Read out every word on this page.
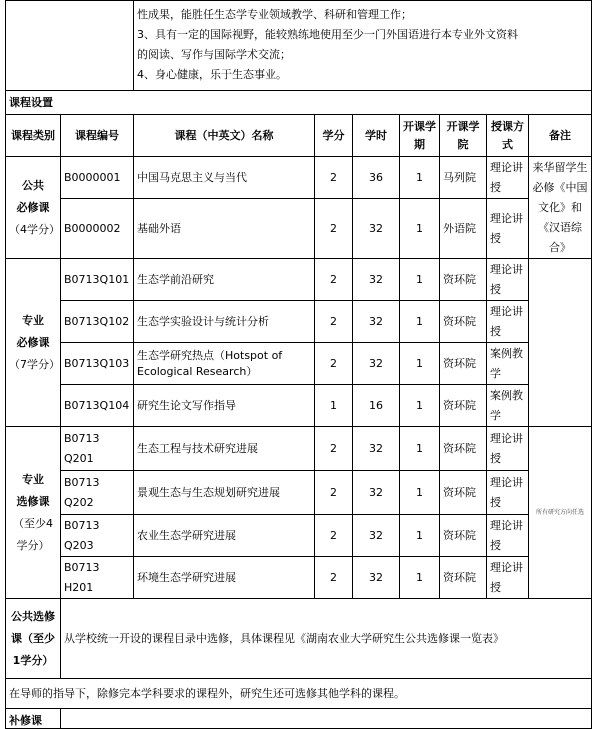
		性成果，能胜任生态学专业领域教学、科研和管理工作；
3、具有一定的国际视野，能较熟练地使用至少一门外国语进行本专业外文资料
的阅读、写作与国际学术交流；
4、身心健康，乐于生态事业。						

课程设置								
课程类别	课程编号	课程（中英文）名称	学分	学时	开课学期	开课学院	授课方式	备注

公共
必修课
（4学分）	B0000001	中国马克思主义与当代	2	36	1	马列院	理论讲授	来华留学生必修《中国文化》和《汉语综合》
	B0000002	基础外语	2	32	1	外语院	理论讲授	

专业
必修课
（7学分）	B0713Q101	生态学前沿研究	2	32	1	资环院	理论讲授	
	B0713Q102	生态学实验设计与统计分析	2	32	1	资环院	理论讲授	
	B0713Q103	生态学研究热点（Hotspot of Ecological Research）	2	32	1	资环院	案例教学	
	B0713Q104	研究生论文写作指导	1	16	1	资环院	案例教学	

专业
选修课
（至少4学分）	B0713 Q201	生态工程与技术研究进展	2	32	1	资环院	理论讲授	所有研究方向任选
	B0713 Q202	景观生态与生态规划研究进展	2	32	1	资环院	理论讲授	
	B0713 Q203	农业生态学研究进展	2	32	1	资环院	理论讲授	
	B0713 H201	环境生态学研究进展	2	32	1	资环院	理论讲授	
公共选修课（至少1学分）	从学校统一开设的课程目录中选修，具体课程见《湖南农业大学研究生公共选修课一览表》							
在导师的指导下，除修完本学科要求的课程外，研究生还可选修其他学科的课程。								
补修课								
